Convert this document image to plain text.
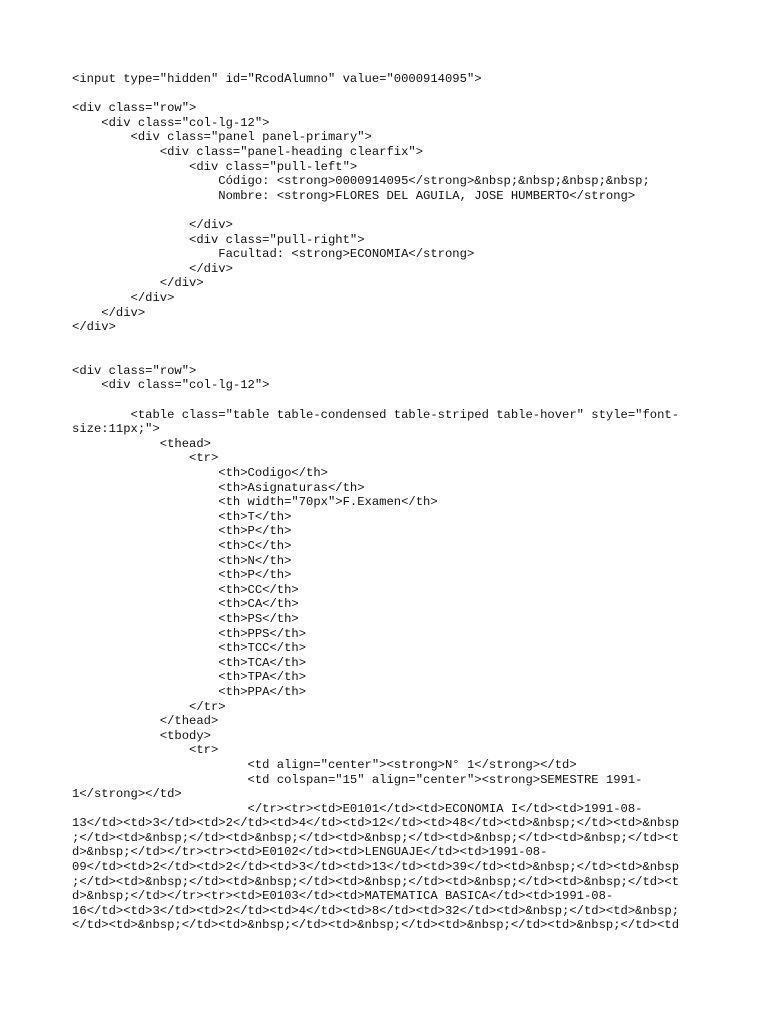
<input type="hidden" id="RcodAlumno" value="0000914095">
<div class="row">
<div class="col-lg-12">
<div class="panel panel-primary">
<div class="panel-heading clearfix">
<div class="pull-left">
Código: <strong>0000914095</strong>&nbsp;&nbsp;&nbsp;&nbsp;
Nombre: <strong>FLORES DEL AGUILA, JOSE HUMBERTO</strong>
</div>
<div class="pull-right">
Facultad: <strong>ECONOMIA</strong>
</div>
</div>
</div>
</div>
</div>
<div class="row">
<div class="col-lg-12">
<table class="table table-condensed table-striped table-hover" style="font-
size:11px;">
<thead>
<tr>
<th>Codigo</th>
<th>Asignaturas</th>
<th width="70px">F.Examen</th>
<th>T</th>
<th>P</th>
<th>C</th>
<th>N</th>
<th>P</th>
<th>CC</th>
<th>CA</th>
<th>PS</th>
<th>PPS</th>
<th>TCC</th>
<th>TCA</th>
<th>TPA</th>
<th>PPA</th>
</tr>
</thead>
<tbody>
<tr>
<td align="center"><strong>N° 1</strong></td>
<td colspan="15" align="center"><strong>SEMESTRE 1991-
1</strong></td>
</tr><tr><td>E0101</td><td>ECONOMIA I</td><td>1991-08-
13</td><td>3</td><td>2</td><td>4</td><td>12</td><td>48</td><td>&nbsp;</td><td>&nbsp
;</td><td>&nbsp;</td><td>&nbsp;</td><td>&nbsp;</td><td>&nbsp;</td><td>&nbsp;</td><t
d>&nbsp;</td></tr><tr><td>E0102</td><td>LENGUAJE</td><td>1991-08-
09</td><td>2</td><td>2</td><td>3</td><td>13</td><td>39</td><td>&nbsp;</td><td>&nbsp
;</td><td>&nbsp;</td><td>&nbsp;</td><td>&nbsp;</td><td>&nbsp;</td><td>&nbsp;</td><t
d>&nbsp;</td></tr><tr><td>E0103</td><td>MATEMATICA BASICA</td><td>1991-08-
16</td><td>3</td><td>2</td><td>4</td><td>8</td><td>32</td><td>&nbsp;</td><td>&nbsp;
</td><td>&nbsp;</td><td>&nbsp;</td><td>&nbsp;</td><td>&nbsp;</td><td>&nbsp;</td><td
